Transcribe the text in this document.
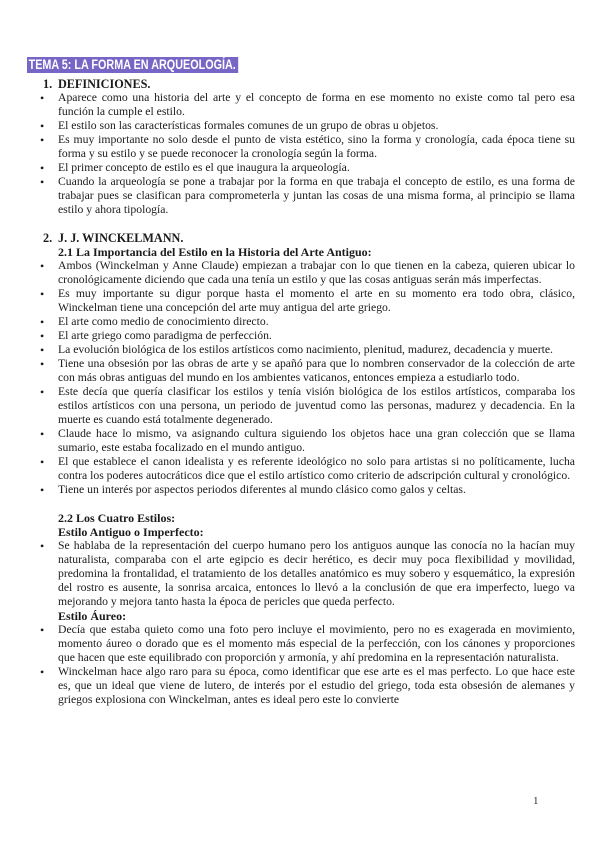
TEMA 5: LA FORMA EN ARQUEOLOGÍA.
1. DEFINICIONES.
• Aparece como una historia del arte y el concepto de forma en ese momento no existe como tal pero esa función la cumple el estilo.
• El estilo son las características formales comunes de un grupo de obras u objetos.
• Es muy importante no solo desde el punto de vista estético, sino la forma y cronología, cada época tiene su forma y su estilo y se puede reconocer la cronología según la forma.
• El primer concepto de estilo es el que inaugura la arqueología.
• Cuando la arqueología se pone a trabajar por la forma en que trabaja el concepto de estilo, es una forma de trabajar pues se clasifican para comprometerla y juntan las cosas de una misma forma, al principio se llama estilo y ahora tipología.
2. J. J. WINCKELMANN.
2.1 La Importancia del Estilo en la Historia del Arte Antiguo:
• Ambos (Winckelman y Anne Claude) empiezan a trabajar con lo que tienen en la cabeza, quieren ubicar lo cronológicamente diciendo que cada una tenía un estilo y que las cosas antiguas serán más imperfectas.
• Es muy importante su digur porque hasta el momento el arte en su momento era todo obra, clásico, Winckelman tiene una concepción del arte muy antigua del arte griego.
• El arte como medio de conocimiento directo.
• El arte griego como paradigma de perfección.
• La evolución biológica de los estilos artísticos como nacimiento, plenitud, madurez, decadencia y muerte.
• Tiene una obsesión por las obras de arte y se apañó para que lo nombren conservador de la colección de arte con más obras antiguas del mundo en los ambientes vaticanos, entonces empieza a estudiarlo todo.
• Este decía que quería clasificar los estilos y tenía visión biológica de los estilos artísticos, comparaba los estilos artísticos con una persona, un periodo de juventud como las personas, madurez y decadencia. En la muerte es cuando está totalmente degenerado.
• Claude hace lo mismo, va asignando cultura siguiendo los objetos hace una gran colección que se llama sumario, este estaba focalizado en el mundo antiguo.
• El que establece el canon idealista y es referente ideológico no solo para artistas si no políticamente, lucha contra los poderes autocráticos dice que el estilo artístico como criterio de adscripción cultural y cronológico.
• Tiene un interés por aspectos periodos diferentes al mundo clásico como galos y celtas.
2.2 Los Cuatro Estilos:
Estilo Antiguo o Imperfecto:
• Se hablaba de la representación del cuerpo humano pero los antiguos aunque las conocía no la hacían muy naturalista, comparaba con el arte egipcio es decir herético, es decir muy poca flexibilidad y movilidad, predomina la frontalidad, el tratamiento de los detalles anatómico es muy sobero y esquemático, la expresión del rostro es ausente, la sonrisa arcaica, entonces lo llevó a la conclusión de que era imperfecto, luego va mejorando y mejora tanto hasta la época de pericles que queda perfecto.
Estilo Áureo:
• Decía que estaba quieto como una foto pero incluye el movimiento, pero no es exagerada en movimiento, momento áureo o dorado que es el momento más especial de la perfección, con los cánones y proporciones que hacen que este equilibrado con proporción y armonía, y ahí predomina en la representación naturalista.
• Winckelman hace algo raro para su época, como identificar que ese arte es el mas perfecto. Lo que hace este es, que un ideal que viene de lutero, de interés por el estudio del griego, toda esta obsesión de alemanes y griegos explosiona con Winckelman, antes es ideal pero este lo convierte
1
